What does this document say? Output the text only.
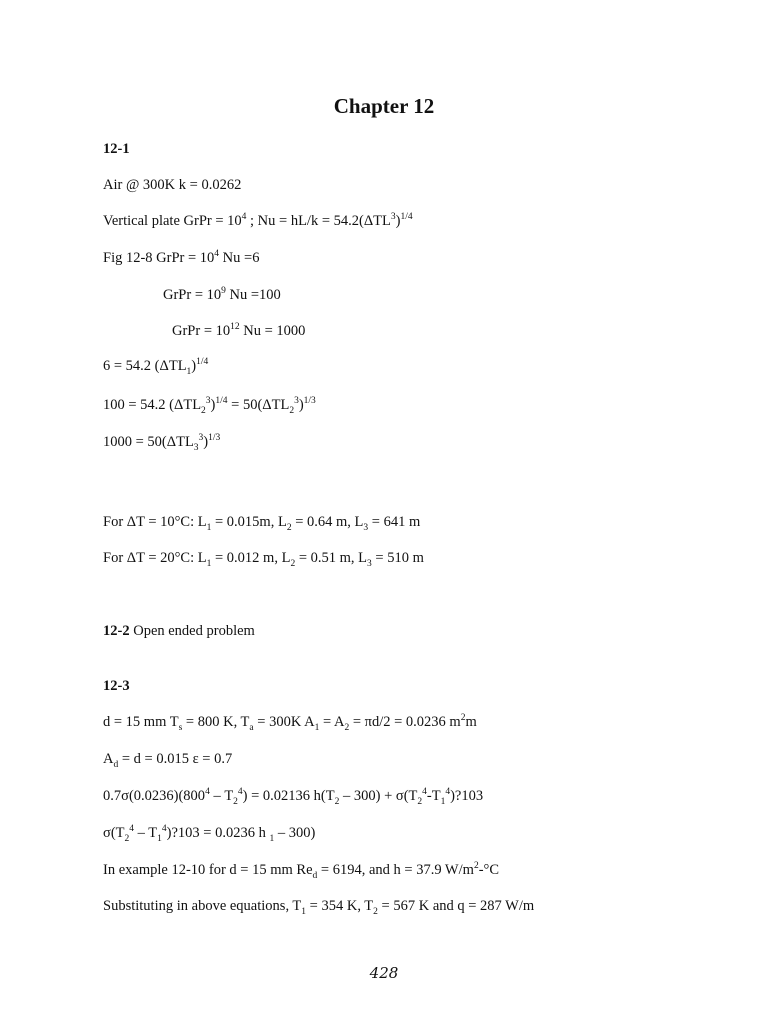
Chapter 12
12-1
Air @ 300K k = 0.0262
Vertical plate GrPr = $10^4$ ; $Nu = hL/k = 54.2(\Delta TL^3)^{1/4}$
Fig 12-8 GrPr = $10^4$ Nu =6
GrPr = $10^9$ Nu =100
GrPr = $10^{12}$ Nu = 1000
6 = 54.2 $(\Delta TL_1)^{1/4}$
100 = 54.2 $(\Delta TL_2^3)^{1/4} = 50(\Delta TL_2^3)^{1/3}$
$1000 = 50(\Delta TL_3^3)^{1/3}$
For ΔT = 10°C: $L_1 = 0.015m$, $L_2 = 0.64$ m, $L_3 = 641$ m
For ΔT = 20°C: $L_1 = 0.012$ m, $L_2 = 0.51$ m, $L_3 = 510$ m
12-2 Open ended problem
12-3
d = 15 mm $T_s = 800$ K, $T_a = 300K$ $A_1 = A_2 = \pi d/2 = 0.0236$ $m^2m$
$A_d = d = 0.015$ ε = 0.7
$0.7\sigma(0.0236)(800^4 - T_2^4) = 0.02136$ $h(T_2 - 300)$ + $\sigma(T_2^4-T_1^4)?103$
$\sigma(T_2^4$ – $T_1^4)?103 = 0.0236$ h $_1$ – 300)
In example 12-10 for d = 15 mm $Re_d = 6194$, and h = 37.9 $W/m^2-^\circ C$
Substituting in above equations, $T_1 = 354$ K, $T_2 = 567$ K and q = 287 W/m
428
